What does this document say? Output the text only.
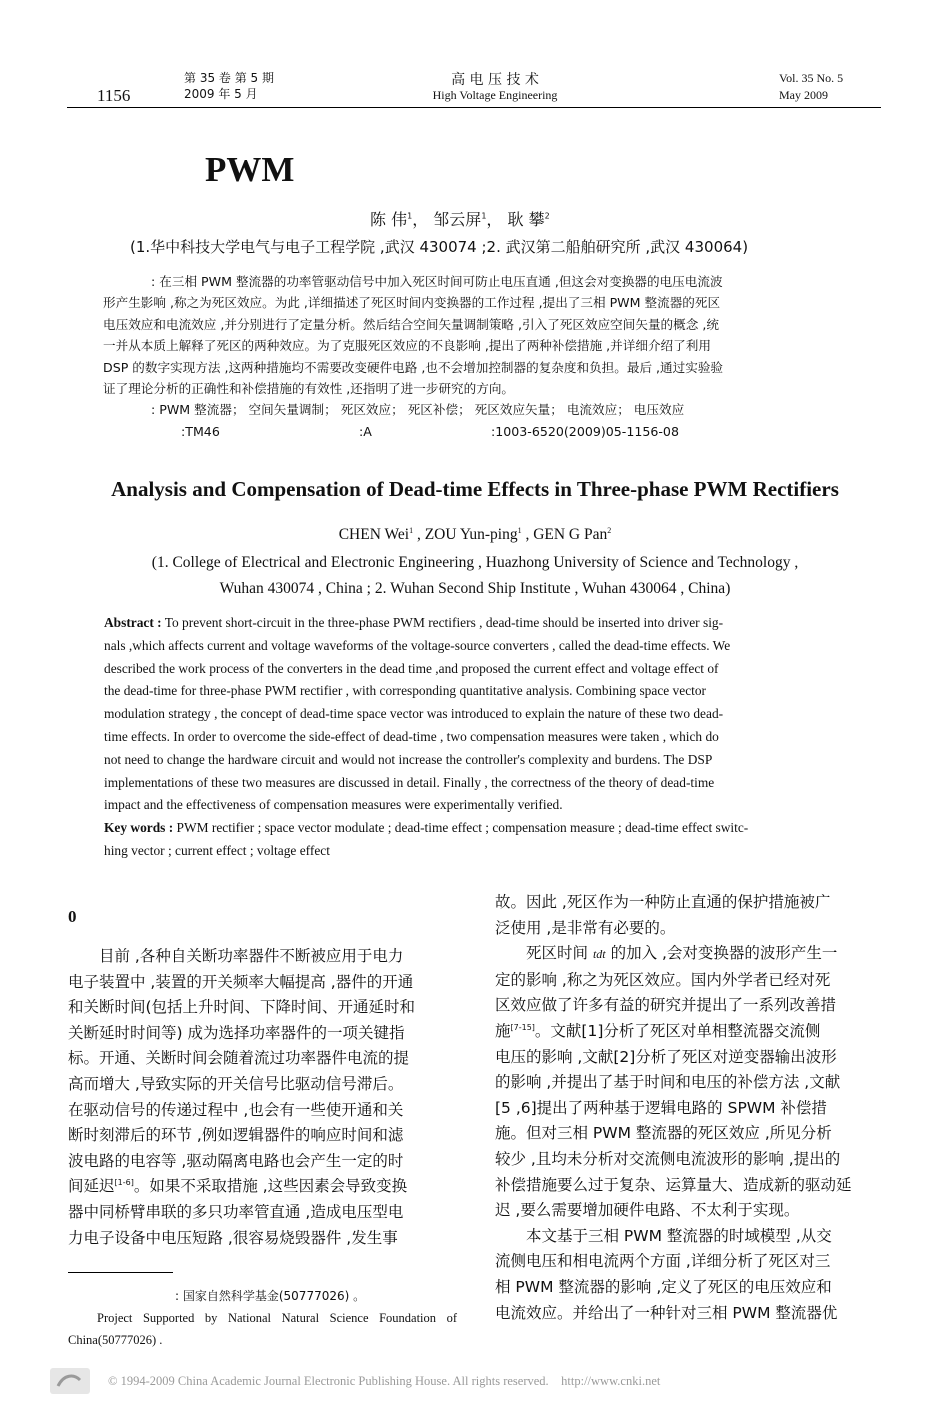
1156
第 35 卷 第 5 期
2009 年 5 月
高 电 压 技 术
High Voltage Engineering
Vol. 35 No. 5
May 2009
PWM
陈 伟$^1$， 邹云屏$^1$， 耿 攀$^2$
(1.华中科技大学电气与电子工程学院 ,武汉 430074 ;2. 武汉第二船舶研究所 ,武汉 430064)
: 在三相 PWM 整流器的功率管驱动信号中加入死区时间可防止电压直通 ,但这会对变换器的电压电流波
形产生影响 ,称之为死区效应。为此 ,详细描述了死区时间内变换器的工作过程 ,提出了三相 PWM 整流器的死区
电压效应和电流效应 ,并分别进行了定量分析。然后结合空间矢量调制策略 ,引入了死区效应空间矢量的概念 ,统
一并从本质上解释了死区的两种效应。为了克服死区效应的不良影响 ,提出了两种补偿措施 ,并详细介绍了利用
DSP 的数字实现方法 ,这两种措施均不需要改变硬件电路 ,也不会增加控制器的复杂度和负担。最后 ,通过实验验
证了理论分析的正确性和补偿措施的有效性 ,还指明了进一步研究的方向。
: PWM 整流器； 空间矢量调制； 死区效应； 死区补偿； 死区效应矢量； 电流效应； 电压效应
:TM46	:A	:1003-6520(2009)05-1156-08
Analysis and Compensation of Dead-time Effects in Three-phase PWM Rectifiers
CHEN Wei$^1$ , ZOU Yun-ping$^1$ , GEN G Pan$^2$
(1. College of Electrical and Electronic Engineering , Huazhong University of Science and Technology ,
Wuhan 430074 , China ; 2. Wuhan Second Ship Institute , Wuhan 430064 , China)
Abstract : To prevent short-circuit in the three-phase PWM rectifiers , dead-time should be inserted into driver sig-
nals ,which affects current and voltage waveforms of the voltage-source converters , called the dead-time effects. We
described the work process of the converters in the dead time ,and proposed the current effect and voltage effect of
the dead-time for three-phase PWM rectifier , with corresponding quantitative analysis. Combining space vector
modulation strategy , the concept of dead-time space vector was introduced to explain the nature of these two dead-
time effects. In order to overcome the side-effect of dead-time , two compensation measures were taken , which do
not need to change the hardware circuit and would not increase the controller's complexity and burdens. The DSP
implementations of these two measures are discussed in detail. Finally , the correctness of the theory of dead-time
impact and the effectiveness of compensation measures were experimentally verified.
Key words : PWM rectifier ; space vector modulate ; dead-time effect ; compensation measure ; dead-time effect switc-
hing vector ; current effect ; voltage effect
0

目前 ,各种自关断功率器件不断被应用于电力

电子装置中 ,装置的开关频率大幅提高 ,器件的开通

和关断时间(包括上升时间、下降时间、开通延时和

关断延时时间等) 成为选择功率器件的一项关键指

标。开通、关断时间会随着流过功率器件电流的提

高而增大 ,导致实际的开关信号比驱动信号滞后。

在驱动信号的传递过程中 ,也会有一些使开通和关

断时刻滞后的环节 ,例如逻辑器件的响应时间和滤

波电路的电容等 ,驱动隔离电路也会产生一定的时

间延迟[1-6]。如果不采取措施 ,这些因素会导致变换

器中同桥臂串联的多只功率管直通 ,造成电压型电

力电子设备中电压短路 ,很容易烧毁器件 ,发生事

: 国家自然科学基金(50777026) 。
Project Supported by National Natural Science Foundation of
China(50777026) .

故。因此 ,死区作为一种防止直通的保护措施被广

泛使用 ,是非常有必要的。

死区时间 tdt 的加入 ,会对变换器的波形产生一

定的影响 ,称之为死区效应。国内外学者已经对死

区效应做了许多有益的研究并提出了一系列改善措

施[7-15]。文献[1]分析了死区对单相整流器交流侧

电压的影响 ,文献[2]分析了死区对逆变器输出波形

的影响 ,并提出了基于时间和电压的补偿方法 ,文献

[5 ,6]提出了两种基于逻辑电路的 SPWM 补偿措

施。但对三相 PWM 整流器的死区效应 ,所见分析

较少 ,且均未分析对交流侧电流波形的影响 ,提出的

补偿措施要么过于复杂、运算量大、造成新的驱动延

迟 ,要么需要增加硬件电路、不太利于实现。

本文基于三相 PWM 整流器的时域模型 ,从交

流侧电压和相电流两个方面 ,详细分析了死区对三

相 PWM 整流器的影响 ,定义了死区的电压效应和

电流效应。并给出了一种针对三相 PWM 整流器优

© 1994-2009 China Academic Journal Electronic Publishing House. All rights reserved.    http://www.cnki.net
